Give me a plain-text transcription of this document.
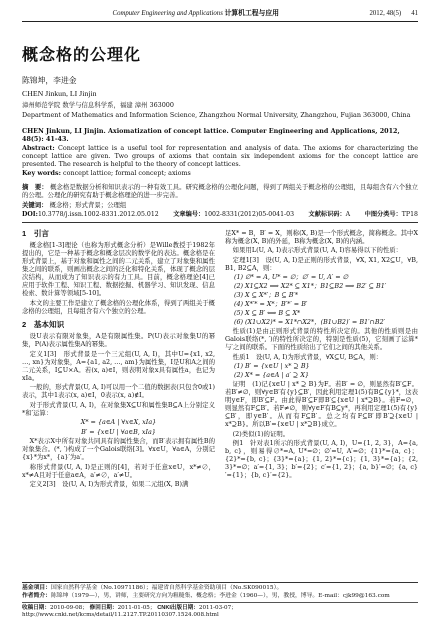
Computer Engineering and Applications 计算机工程与应用	2012, 48(5) 41
概念格的公理化
陈锦坤，李进金
CHEN Jinkun, LI Jinjin
漳州师范学院 数学与信息科学系，福建 漳州 363000
Department of Mathematics and Information Science, Zhangzhou Normal University, Zhangzhou, Fujian 363000, China
CHEN Jinkun, LI Jinjin. Axiomatization of concept lattice. Computer Engineering and Applications, 2012, 48(5): 41-43.
Abstract: Concept lattice is a useful tool for representation and analysis of data. The axioms for characterizing the concept lattice are given. Two groups of axioms that contain six independent axioms for the concept lattice are presented. The research is helpful to the theory of concept lattices.
Key words: concept lattice; formal concept; axioms
摘　要： 概念格是数据分析和知识表示的一种有效工具。研究概念格的公理化问题，得到了两组关于概念格的公理组，且每组含有六个独立的公理。公理化的研究有助于概念格理论的进一步完善。
关键词： 概念格；形式背景；公理组
DOI:10.3778/j.issn.1002-8331.2012.05.012 文章编号：1002-8331(2012)05-0041-03 文献标识码：A 中图分类号：TP18
1　引言

概念格[1-3]理论（也称为形式概念分析）是Wille教授于1982年提出的，它是一种基于概念和概念层次的数学化的表达。概念格是在形式背景上，基于对象和属性之间的二元关系，建立了对象集和属性集之间的联系，则画出概念之间的泛化和特化关系，体现了概念的层次结构，从而成为了知识表示的有力工具。目前，概念格理论[4]已应用于软件工程、知识工程、数据挖掘、机器学习、知识发现、信息检索、数计算等领域[5-10]。

本文的主要工作是建立了概念格的公理化体系，得到了两组关于概念格的公理组，且每组含有六个独立的公理。

2　基本知识

设U表示有限对象集，A是有限属性集。P(U)表示对象集U的幂集，P(A)表示属性集A的幂集。

定义1[3]　形式背景是一个三元组(U, A, I)，其中U={x1, x2, …, xn}为对象集，A={a1, a2, …, am}为属性集，I是U和A之间的二元关系，I⊆U×A。若(x, a)∈I，则表明对象x具有属性a，也记为xIa。

一般的，形式背景(U, A, I)可以用一个二值的数据表(只包含0或1)表示，其中1表示(x, a)∈I，0表示(x, a)∉I。

对于形式背景(U, A, I)，在对象集X⊆U和属性集B⊆A上分别定义*和′运算：

X* = {a∈A | ∀x∈X, xIa}
B′ = {x∈U | ∀a∈B, xIa}

X*表示X中所有对象共同具有的属性集合，而B′表示拥有属性B的对象集合。(*, ′)构成了一个Galois联络[3]。∀x∈U，∀a∈A，分别记{x}*为x*，{a}′为a′。

称形式背景(U, A, I)是正则的[4]，若对于任意x∈U，x*≠∅，x*≠A且对于任意a∈A，a′≠∅，a′≠U。

定义2[3]　设(U, A, I)为形式背景，如果二元组(X, B)满

足X* = B，B′ = X，则称(X, B)是一个形式概念，简称概念。其中X称为概念(X, B)的外延，B称为概念(X, B)的内涵。

如果用L(U, A, I)表示形式背景(U, A, I)容易得以下的性质：

定理1[3]　设(U, A, I)是正则的形式背景，∀X, X1, X2⊆U，∀B, B1, B2⊆A，则：

(1) ∅* = A, U* = ∅；∅′ = U, A′ = ∅
(2) X1⊆X2 ⟹ X2* ⊆ X1*；B1⊆B2 ⟹ B2′ ⊆ B1′
(3) X ⊆ X*′；B ⊆ B′*
(4) X*′* = X*；B′*′ = B′
(5) X ⊆ B′ ⟺ B ⊆ X*
(6) (X1∪X2)* = X1*∩X2*，(B1∪B2)′ = B1′∩B2′

性质(1)是由正则形式背景的特性所决定的。其他的性质则是由Galois联络(*, ′)的特性所决定的，特别是性质(5)，它刻画了运算*与′之间的联系。下面的性质给出了它们之间的其他关系。

性质1　设(U, A, I)为形式背景，∀X⊆U, B⊆A，则：

(1) B′ = {x∈U | x* ⊇ B}
(2) X* = {a∈A | a′ ⊇ X}

证明　(1)记{x∈U | x* ⊇ B}为F。若B′ = ∅，则显然有B′⊆F。若B′≠∅，则∀y∈B′有{y}⊆B′，因此利用定理1(5)有B⊆{y}*，这表明y∈F，即B′⊆F。由此得B′⊆F即B′⊆{x∈U | x*⊇B}。若F=∅，则显然有F⊆B′。若F≠∅，则∀y∈F有B⊆y*，再利用定理1(5)有{y}⊆B′，即y∈B′。从而有F⊆B′。总之均有F⊆B′即B′⊇{x∈U | x*⊇B}。所以B′={x∈U | x*⊇B}成立。

(2)类似(1)的证明。

例1　针对表1所示的形式背景(U, A, I)，U={1, 2, 3}，A={a, b, c}，则易得∅*=A, U*=∅；∅′=U, A′=∅；{1}*={a, c}；{2}*={b, c}；{3}*={a}；{1, 2}*={c}；{1, 3}*={a}；{2, 3}*=∅；a′={1, 3}；b′={2}；c′={1, 2}；{a, b}′=∅；{a, c}′={1}；{b, c}′={2}。

基金项目：国家自然科学基金（No.10971186）；福建省自然科学基金资助项目（No.SK090015）。
作者简介：陈锦坤（1979—），男，讲师，主要研究方向为粗糙集、概念格；李进金（1960—），男，教授，博导。E-mail：cjk99@163.com
收稿日期：2010-09-08； 修回日期：2011-01-05； CNKI出版日期：2011-03-07； http://www.cnki.net/kcms/detail/11.2127.TP.20110307.1524.008.html
